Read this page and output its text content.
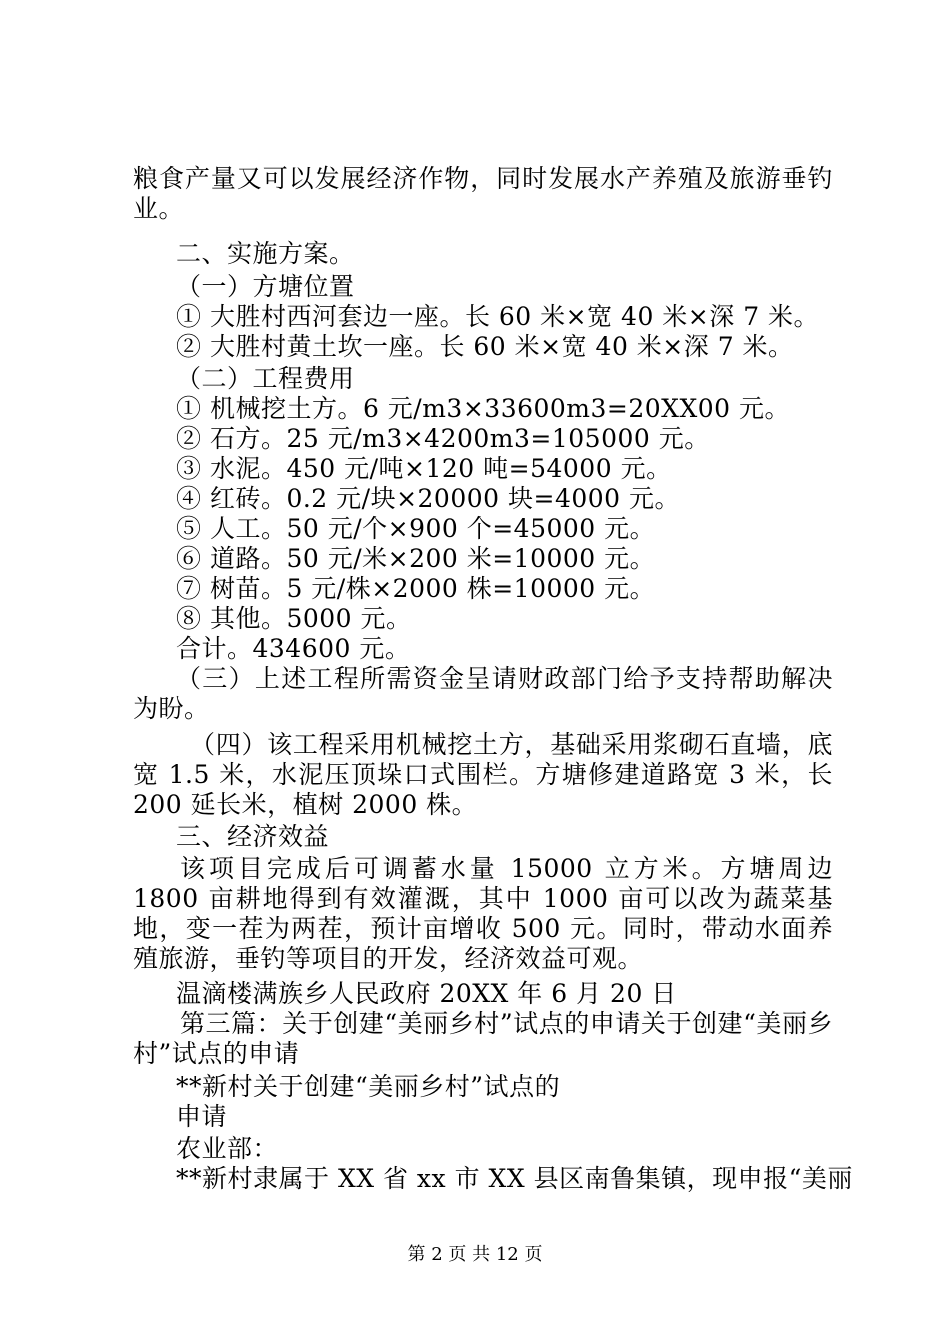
粮食产量又可以发展经济作物，同时发展水产养殖及旅游垂钓业。

二、实施方案。

（一）方塘位置

① 大胜村西河套边一座。长 60 米×宽 40 米×深 7 米。

② 大胜村黄土坎一座。长 60 米×宽 40 米×深 7 米。

（二）工程费用

① 机械挖土方。6 元/m3×33600m3=20XX00 元。

② 石方。25 元/m3×4200m3=105000 元。

③ 水泥。450 元/吨×120 吨=54000 元。

④ 红砖。0.2 元/块×20000 块=4000 元。

⑤ 人工。50 元/个×900 个=45000 元。

⑥ 道路。50 元/米×200 米=10000 元。

⑦ 树苗。5 元/株×2000 株=10000 元。

⑧ 其他。5000 元。

合计。434600 元。

（三）上述工程所需资金呈请财政部门给予支持帮助解决为盼。

（四）该工程采用机械挖土方，基础采用浆砌石直墙，底宽 1.5 米，水泥压顶垛口式围栏。方塘修建道路宽 3 米，长 200 延长米，植树 2000 株。

三、经济效益

该项目完成后可调蓄水量 15000 立方米。方塘周边 1800 亩耕地得到有效灌溉，其中 1000 亩可以改为蔬菜基地，变一茬为两茬，预计亩增收 500 元。同时，带动水面养殖旅游，垂钓等项目的开发，经济效益可观。

温滴楼满族乡人民政府 20XX 年 6 月 20 日

第三篇：关于创建“美丽乡村”试点的申请关于创建“美丽乡村”试点的申请

**新村关于创建“美丽乡村”试点的

申请

农业部：

**新村隶属于 XX 省 xx 市 XX 县区南鲁集镇，现申报“美丽

第 2 页 共 12 页
